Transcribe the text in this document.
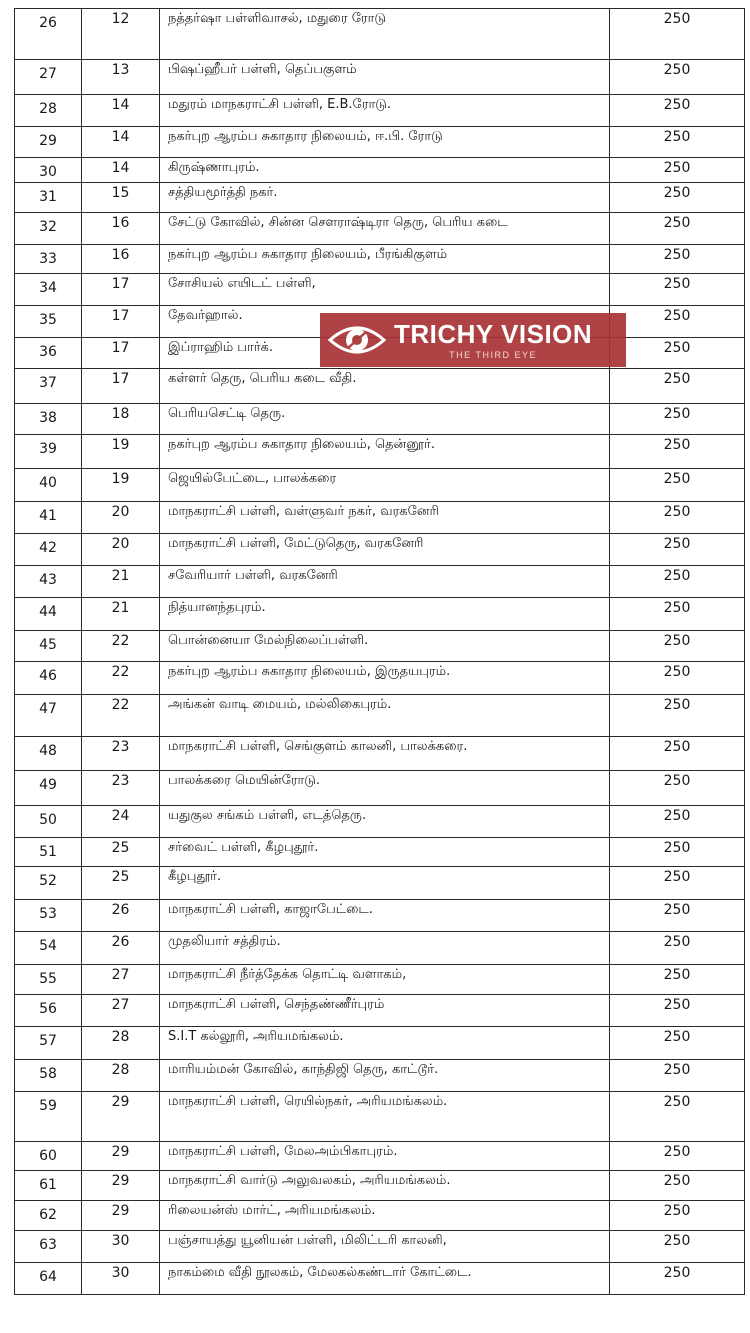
26	12	நத்தர்ஷா பள்ளிவாசல், மதுரை ரோடு	250

27	13	பிஷப்ஹீபர் பள்ளி, தெப்பகுளம்	250

28	14	மதுரம் மாநகராட்சி பள்ளி, E.B.ரோடு.	250

29	14	நகர்புற ஆரம்ப சுகாதார நிலையம், ஈ.பி. ரோடு	250

30	14	கிருஷ்ணாபுரம்.	250

31	15	சத்தியமூர்த்தி நகர்.	250

32	16	சேட்டு கோவில், சின்ன சௌராஷ்டிரா தெரு, பெரிய கடை	250

33	16	நகர்புற ஆரம்ப சுகாதார நிலையம், பீரங்கிகுளம்	250

34	17	சோசியல் எயிடட் பள்ளி,	250

35	17	தேவர்ஹால்.	250

36	17	இப்ராஹிம் பார்க்.	250

37	17	கள்ளர் தெரு, பெரிய கடை வீதி.	250

38	18	பெரியசெட்டி தெரு.	250

39	19	நகர்புற ஆரம்ப சுகாதார நிலையம், தென்னூர்.	250

40	19	ஜெயில்பேட்டை, பாலக்கரை	250

41	20	மாநகராட்சி பள்ளி, வள்ளுவர் நகர், வரகனேரி	250

42	20	மாநகராட்சி பள்ளி, மேட்டுதெரு, வரகனேரி	250

43	21	சவேரியார் பள்ளி, வரகனேரி	250

44	21	நித்யானந்தபுரம்.	250

45	22	பொன்னையா மேல்நிலைப்பள்ளி.	250

46	22	நகர்புற ஆரம்ப சுகாதார நிலையம், இருதயபுரம்.	250

47	22	அங்கன் வாடி மையம், மல்லிகைபுரம்.	250

48	23	மாநகராட்சி பள்ளி, செங்குளம் காலனி, பாலக்கரை.	250

49	23	பாலக்கரை மெயின்ரோடு.	250

50	24	யதுகுல சங்கம் பள்ளி, எடத்தெரு.	250

51	25	சர்வைட் பள்ளி, கீழபுதூர்.	250

52	25	கீழபுதூர்.	250

53	26	மாநகராட்சி பள்ளி, காஜாபேட்டை.	250

54	26	முதலியார் சத்திரம்.	250

55	27	மாநகராட்சி நீர்த்தேக்க தொட்டி வளாகம்,	250

56	27	மாநகராட்சி பள்ளி, செந்தண்ணீர்புரம்	250

57	28	S.I.T கல்லூரி, அரியமங்கலம்.	250

58	28	மாரியம்மன் கோவில், காந்திஜி தெரு, காட்டூர்.	250

59	29	மாநகராட்சி பள்ளி, ரெயில்நகர், அரியமங்கலம்.	250

60	29	மாநகராட்சி பள்ளி, மேலஅம்பிகாபுரம்.	250

61	29	மாநகராட்சி வார்டு அலுவலகம், அரியமங்கலம்.	250

62	29	ரிலையன்ஸ் மார்ட், அரியமங்கலம்.	250

63	30	பஞ்சாயத்து யூனியன் பள்ளி, மிலிட்டரி காலனி,	250

64	30	நாகம்மை வீதி நூலகம், மேலகல்கண்டார் கோட்டை.	250
TRICHY VISION
THE THIRD EYE
